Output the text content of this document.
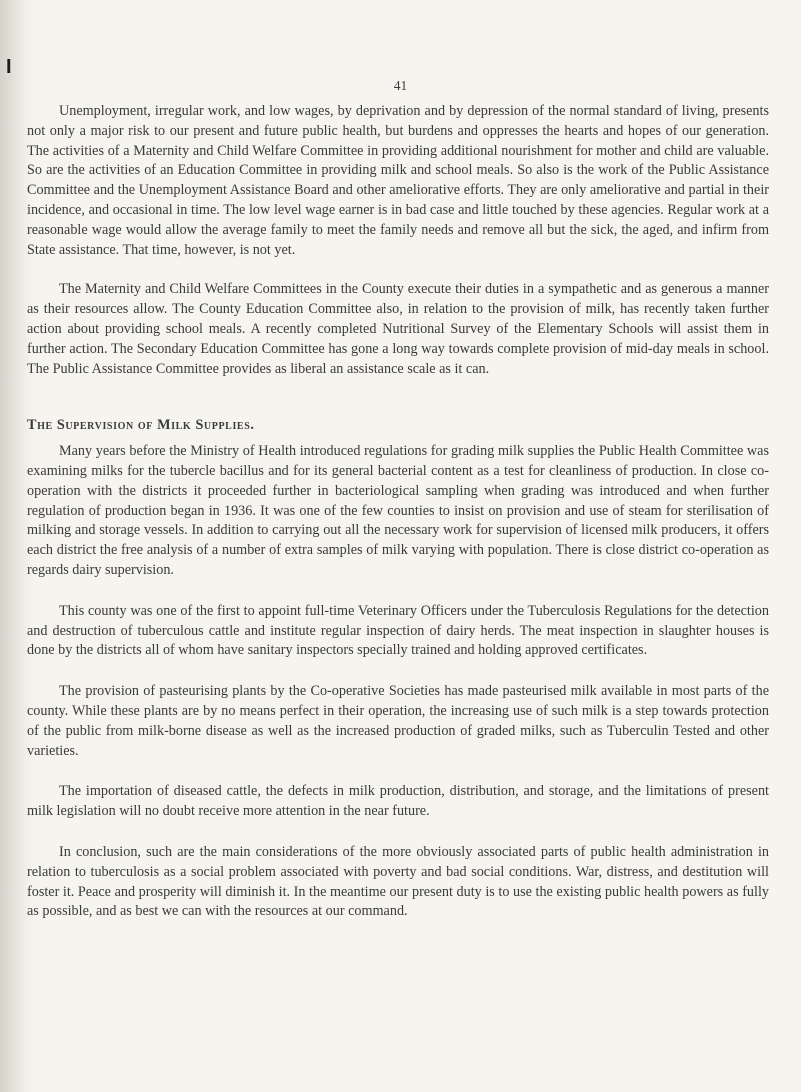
I
41

Unemployment, irregular work, and low wages, by deprivation and by depression of the normal standard of living, presents not only a major risk to our present and future public health, but burdens and oppresses the hearts and hopes of our generation. The activities of a Maternity and Child Welfare Committee in providing additional nourishment for mother and child are valuable. So are the activities of an Education Committee in providing milk and school meals. So also is the work of the Public Assistance Committee and the Unemployment Assistance Board and other ameliorative efforts. They are only ameliorative and partial in their incidence, and occasional in time. The low level wage earner is in bad case and little touched by these agencies. Regular work at a reasonable wage would allow the average family to meet the family needs and remove all but the sick, the aged, and infirm from State assistance. That time, however, is not yet.

The Maternity and Child Welfare Committees in the County execute their duties in a sympathetic and as generous a manner as their resources allow. The County Education Committee also, in relation to the provision of milk, has recently taken further action about providing school meals. A recently completed Nutritional Survey of the Elementary Schools will assist them in further action. The Secondary Education Committee has gone a long way towards complete provision of mid-day meals in school. The Public Assistance Committee provides as liberal an assistance scale as it can.

The Supervision of Milk Supplies.

Many years before the Ministry of Health introduced regulations for grading milk supplies the Public Health Committee was examining milks for the tubercle bacillus and for its general bacterial content as a test for cleanliness of production. In close co-operation with the districts it proceeded further in bacteriological sampling when grading was introduced and when further regulation of production began in 1936. It was one of the few counties to insist on provision and use of steam for sterilisation of milking and storage vessels. In addition to carrying out all the necessary work for supervision of licensed milk producers, it offers each district the free analysis of a number of extra samples of milk varying with population. There is close district co-operation as regards dairy supervision.

This county was one of the first to appoint full-time Veterinary Officers under the Tuberculosis Regulations for the detection and destruction of tuberculous cattle and institute regular inspection of dairy herds. The meat inspection in slaughter houses is done by the districts all of whom have sanitary inspectors specially trained and holding approved certificates.

The provision of pasteurising plants by the Co-operative Societies has made pasteurised milk available in most parts of the county. While these plants are by no means perfect in their operation, the increasing use of such milk is a step towards protection of the public from milk-borne disease as well as the increased production of graded milks, such as Tuberculin Tested and other varieties.

The importation of diseased cattle, the defects in milk production, distribution, and storage, and the limitations of present milk legislation will no doubt receive more attention in the near future.

In conclusion, such are the main considerations of the more obviously associated parts of public health administration in relation to tuberculosis as a social problem associated with poverty and bad social conditions. War, distress, and destitution will foster it. Peace and prosperity will diminish it. In the meantime our present duty is to use the existing public health powers as fully as possible, and as best we can with the resources at our command.
